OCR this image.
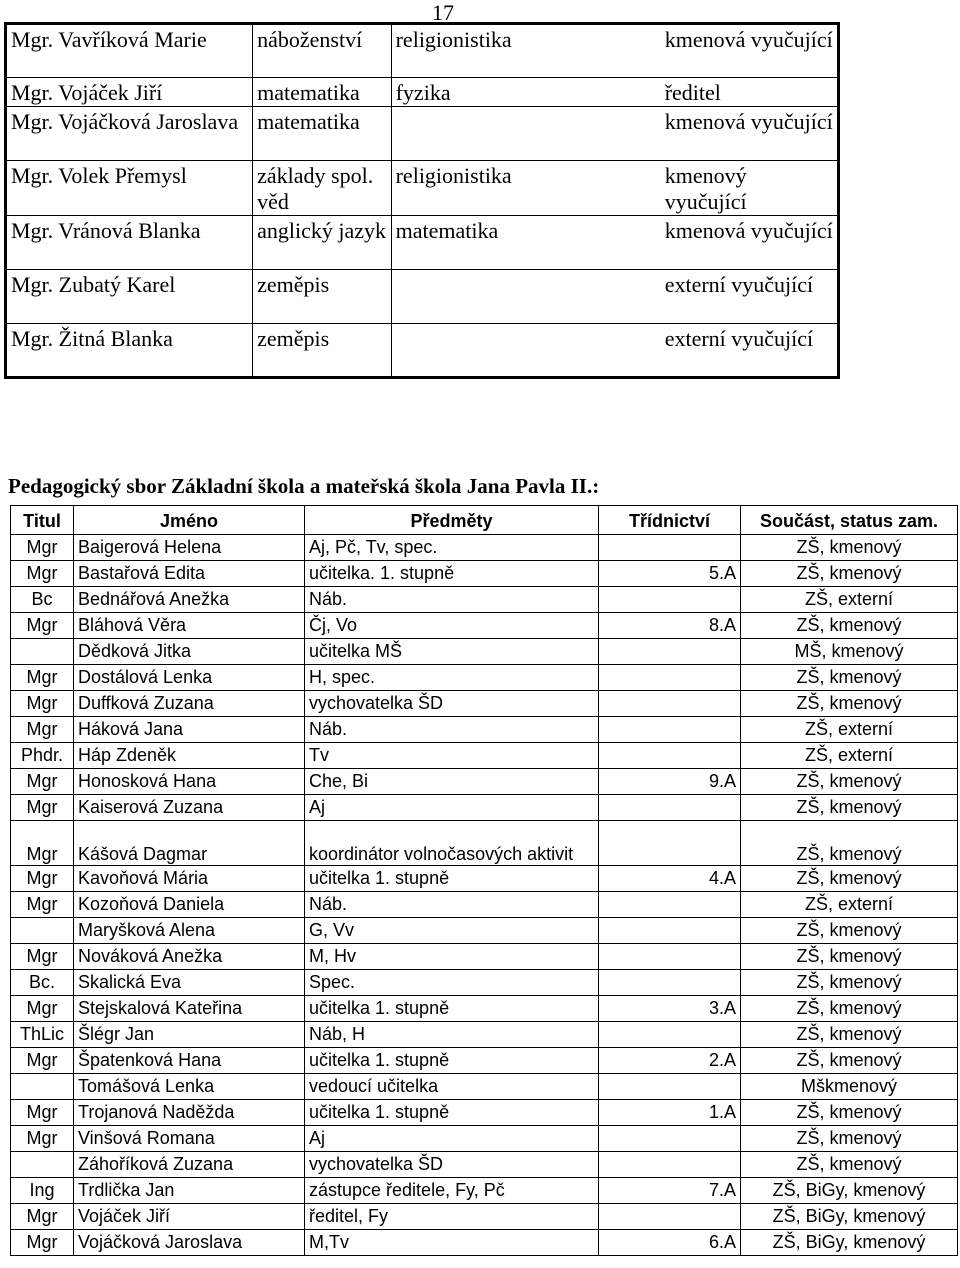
17
Mgr. Vavříková Marie	náboženství	religionistika	kmenová vyučující
Mgr. Vojáček Jiří	matematika	fyzika	ředitel
Mgr. Vojáčková Jaroslava	matematika		kmenová vyučující
Mgr. Volek Přemysl	základy spol. věd	religionistika	kmenový vyučující
Mgr. Vránová Blanka	anglický jazyk	matematika	kmenová vyučující
Mgr. Zubatý Karel	zeměpis		externí vyučující
Mgr. Žitná Blanka	zeměpis		externí vyučující
Pedagogický sbor Základní škola a mateřská škola Jana Pavla II.:
Titul	Jméno	Předměty	Třídnictví	Součást, status zam.
Mgr	Baigerová Helena	Aj, Pč, Tv, spec.		ZŠ, kmenový
Mgr	Bastařová Edita	učitelka. 1. stupně	5.A	ZŠ, kmenový
Bc	Bednářová Anežka	Náb.		ZŠ, externí
Mgr	Bláhová Věra	Čj, Vo	8.A	ZŠ, kmenový
	Dědková Jitka	učitelka MŠ		MŠ, kmenový
Mgr	Dostálová Lenka	H, spec.		ZŠ, kmenový
Mgr	Duffková Zuzana	vychovatelka ŠD		ZŠ, kmenový
Mgr	Háková Jana	Náb.		ZŠ, externí
Phdr.	Háp Zdeněk	Tv		ZŠ, externí
Mgr	Honosková Hana	Che, Bi	9.A	ZŠ, kmenový
Mgr	Kaiserová Zuzana	Aj		ZŠ, kmenový
Mgr	Kášová Dagmar	koordinátor volnočasových aktivit		ZŠ, kmenový
Mgr	Kavoňová Mária	učitelka 1. stupně	4.A	ZŠ, kmenový
Mgr	Kozoňová Daniela	Náb.		ZŠ, externí
	Maryšková Alena	G, Vv		ZŠ, kmenový
Mgr	Nováková Anežka	M, Hv		ZŠ, kmenový
Bc.	Skalická Eva	Spec.		ZŠ, kmenový
Mgr	Stejskalová Kateřina	učitelka 1. stupně	3.A	ZŠ, kmenový
ThLic	Šlégr Jan	Náb, H		ZŠ, kmenový
Mgr	Špatenková Hana	učitelka 1. stupně	2.A	ZŠ, kmenový
	Tomášová Lenka	vedoucí učitelka		Mškmenový
Mgr	Trojanová Naděžda	učitelka 1. stupně	1.A	ZŠ, kmenový
Mgr	Vinšová Romana	Aj		ZŠ, kmenový
	Záhoříková Zuzana	vychovatelka ŠD		ZŠ, kmenový
Ing	Trdlička Jan	zástupce ředitele, Fy, Pč	7.A	ZŠ, BiGy, kmenový
Mgr	Vojáček Jiří	ředitel, Fy		ZŠ, BiGy, kmenový
Mgr	Vojáčková Jaroslava	M,Tv	6.A	ZŠ, BiGy, kmenový
